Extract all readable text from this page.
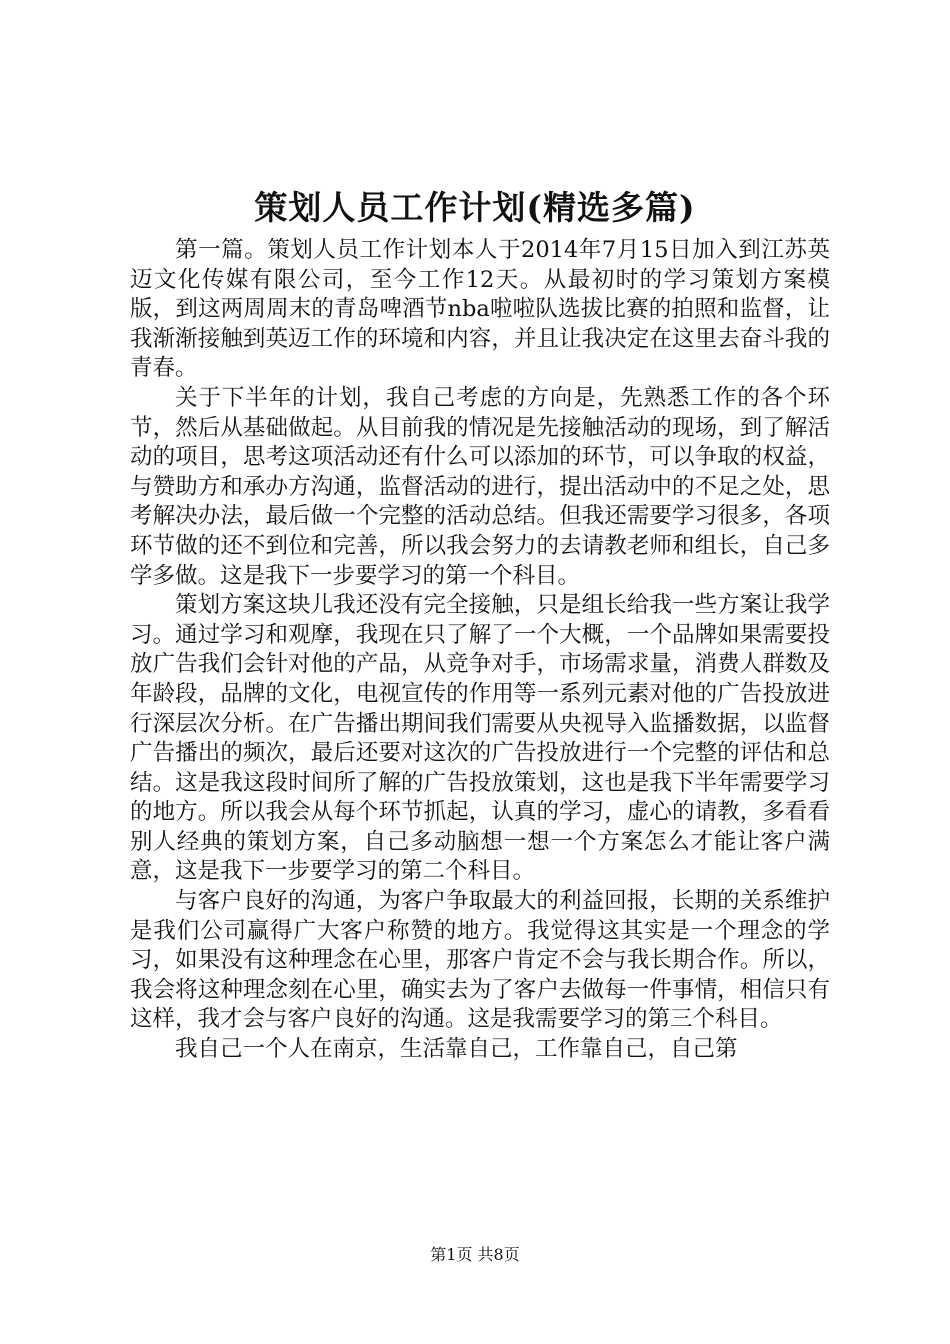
策划人员工作计划(精选多篇)

第一篇。策划人员工作计划本人于2014年7月15日加入到江苏英迈文化传媒有限公司，至今工作12天。从最初时的学习策划方案模版，到这两周周末的青岛啤酒节nba啦啦队选拔比赛的拍照和监督，让我渐渐接触到英迈工作的环境和内容，并且让我决定在这里去奋斗我的青春。

关于下半年的计划，我自己考虑的方向是，先熟悉工作的各个环节，然后从基础做起。从目前我的情况是先接触活动的现场，到了解活动的项目，思考这项活动还有什么可以添加的环节，可以争取的权益，与赞助方和承办方沟通，监督活动的进行，提出活动中的不足之处，思考解决办法，最后做一个完整的活动总结。但我还需要学习很多，各项环节做的还不到位和完善，所以我会努力的去请教老师和组长，自己多学多做。这是我下一步要学习的第一个科目。

策划方案这块儿我还没有完全接触，只是组长给我一些方案让我学习。通过学习和观摩，我现在只了解了一个大概，一个品牌如果需要投放广告我们会针对他的产品，从竞争对手，市场需求量，消费人群数及年龄段，品牌的文化，电视宣传的作用等一系列元素对他的广告投放进行深层次分析。在广告播出期间我们需要从央视导入监播数据，以监督广告播出的频次，最后还要对这次的广告投放进行一个完整的评估和总结。这是我这段时间所了解的广告投放策划，这也是我下半年需要学习的地方。所以我会从每个环节抓起，认真的学习，虚心的请教，多看看别人经典的策划方案，自己多动脑想一想一个方案怎么才能让客户满意，这是我下一步要学习的第二个科目。

与客户良好的沟通，为客户争取最大的利益回报，长期的关系维护是我们公司赢得广大客户称赞的地方。我觉得这其实是一个理念的学习，如果没有这种理念在心里，那客户肯定不会与我长期合作。所以，我会将这种理念刻在心里，确实去为了客户去做每一件事情，相信只有这样，我才会与客户良好的沟通。这是我需要学习的第三个科目。

我自己一个人在南京，生活靠自己，工作靠自己，自己第

第1页 共8页
